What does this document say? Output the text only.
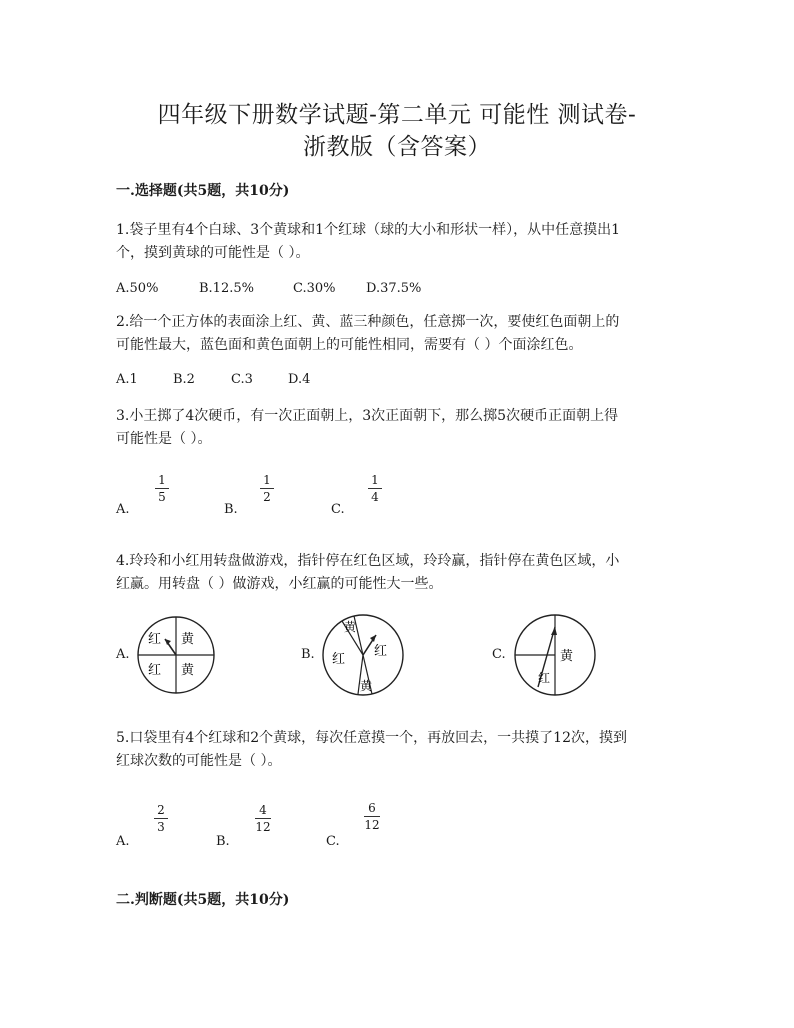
四年级下册数学试题-第二单元 可能性 测试卷-
浙教版（含答案）
一.选择题(共5题，共10分)
1.袋子里有4个白球、3个黄球和1个红球（球的大小和形状一样），从中任意摸出1
个，摸到黄球的可能性是（ ）。
A.50%	B.12.5%	C.30% D.37.5%
2.给一个正方体的表面涂上红、黄、蓝三种颜色，任意掷一次，要使红色面朝上的
可能性最大，蓝色面和黄色面朝上的可能性相同，需要有（ ）个面涂红色。
A.1	B.2	C.3	D.4
3.小王掷了4次硬币，有一次正面朝上，3次正面朝下，那么掷5次硬币正面朝上得
可能性是（ ）。
A.
1
5
B.
1
2
C.
1
4
4.玲玲和小红用转盘做游戏，指针停在红色区域，玲玲赢，指针停在黄色区域，小
红赢。用转盘（ ）做游戏，小红赢的可能性大一些。
A.	B.	C.
红 黄
红 黄
黄
红
红
黄
黄
红
5.口袋里有4个红球和2个黄球，每次任意摸一个，再放回去，一共摸了12次，摸到
红球次数的可能性是（ ）。
A.
2
3
B.
4
12
C.
6
12
二.判断题(共5题，共10分)
